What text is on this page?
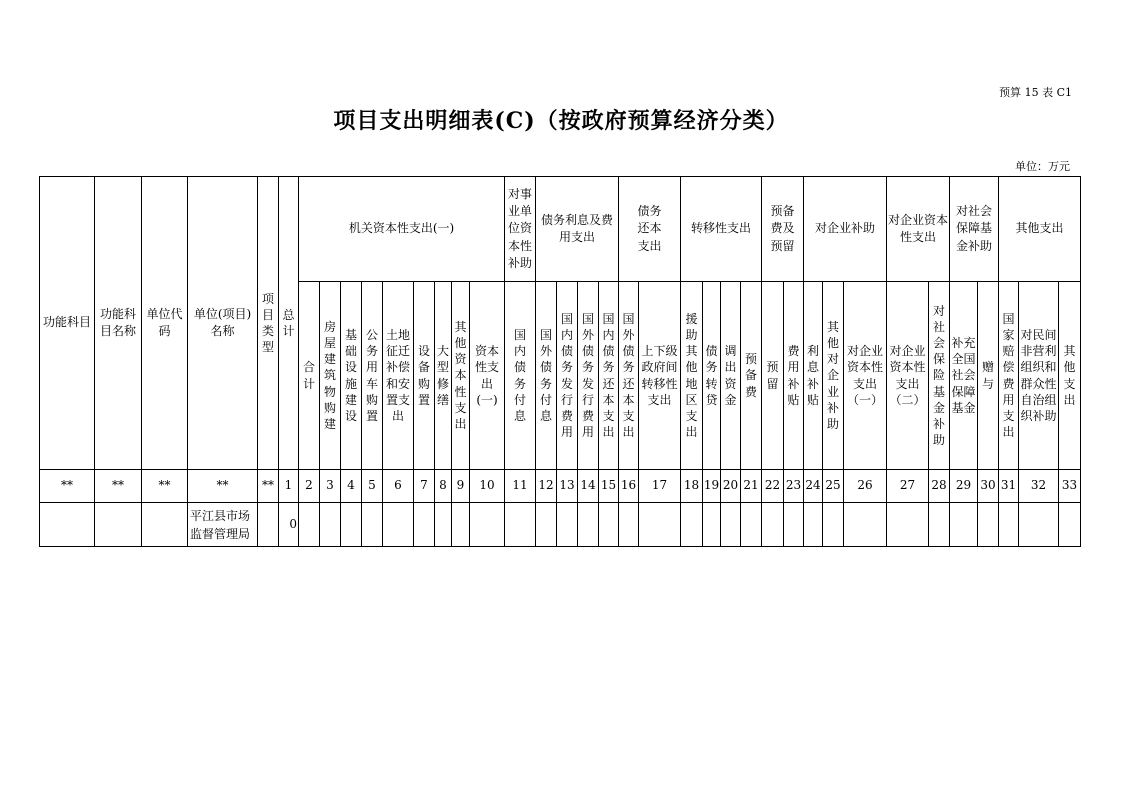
预算 15 表 C1
项目支出明细表(C)（按政府预算经济分类）
单位：万元
功能科目	功能科目名称	单位代码	单位(项目)名称	项目类型	总计	机关资本性支出(一)									对事业单位资本性补助	债务利息及费用支出				债务还本支出		转移性支出				预备费及预留		对企业补助			对企业资本性支出		对社会保障基金补助		其他支出		
						合计	房屋建筑物购建	基础设施建设	公务用车购置	土地征迁补偿和安置支出	设备购置	大型修缮	其他资本性支出	资本性支出(一)	国内债务付息	国外债务付息	国内债务发行费用	国外债务发行费用	国内债务还本支出	国外债务还本支出	上下级政府间转移性支出	援助其他地区支出	债务转贷	调出资金	预备费	预留	费用补贴	利息补贴	其他对企业补助	对企业资本性支出（一）	对企业资本性支出（二）	对社会保险基金补助	补充全国社会保障基金	赠与	国家赔偿费用支出	对民间非营利组织和群众性自治组织补助	其他支出
**	**	**	**	**	1	2	3	4	5	6	7	8	9	10	11	12	13	14	15	16	17	18	19	20	21	22	23	24	25	26	27	28	29	30	31	32	33
			平江县市场监督管理局		0																																
